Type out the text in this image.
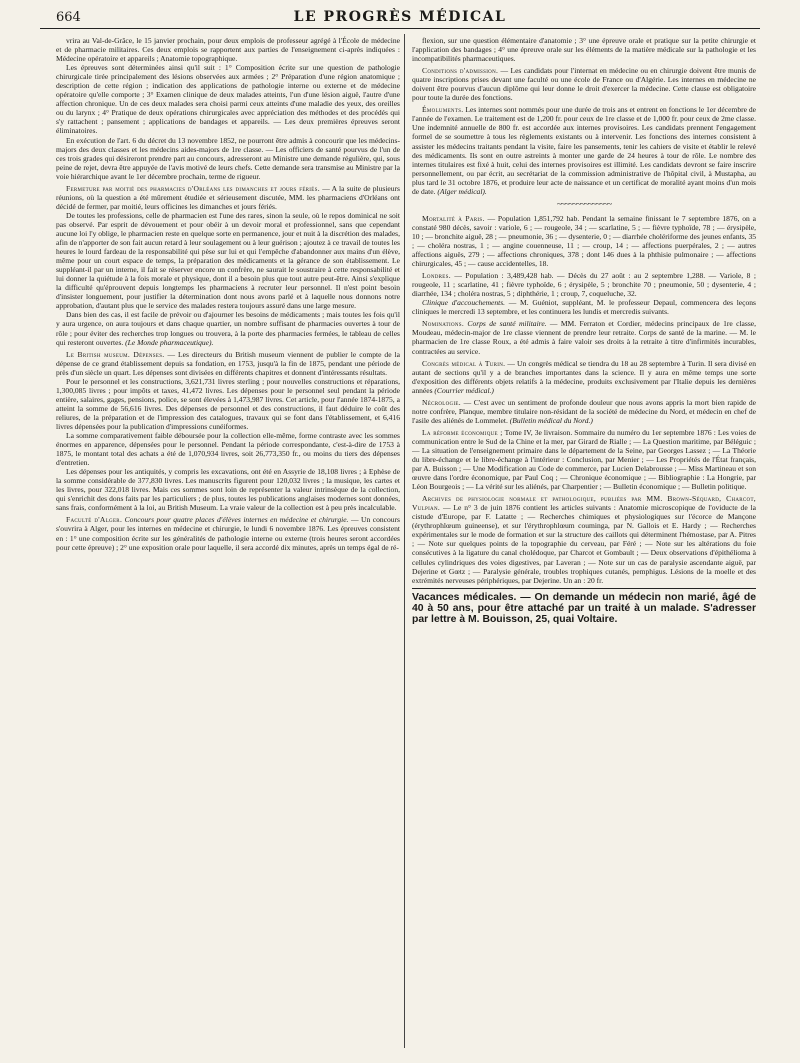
664	LE PROGRÈS MÉDICAL

vrira au Val-de-Grâce, le 15 janvier prochain, pour deux emplois de professeur agrégé à l'École de médecine et de pharmacie militaires. Ces deux emplois se rapportent aux parties de l'enseignement ci-après indiquées : Médecine opératoire et appareils ; Anatomie topographique.

Les épreuves sont déterminées ainsi qu'il suit : 1° Composition écrite sur une question de pathologie chirurgicale tirée principalement des lésions observées aux armées ; 2° Préparation d'une région anatomique ; description de cette région ; indication des applications de pathologie interne ou externe et de médecine opératoire qu'elle comporte ; 3° Examen clinique de deux malades atteints, l'un d'une lésion aiguë, l'autre d'une affection chronique. Un de ces deux malades sera choisi parmi ceux atteints d'une maladie des yeux, des oreilles ou du larynx ; 4° Pratique de deux opérations chirurgicales avec appréciation des méthodes et des procédés qui s'y rattachent ; pansement ; applications de bandages et appareils. — Les deux premières épreuves seront éliminatoires.

En exécution de l'art. 6 du décret du 13 novembre 1852, ne pourront être admis à concourir que les médecins-majors des deux classes et les médecins aides-majors de 1re classe. — Les officiers de santé pourvus de l'un de ces trois grades qui désireront prendre part au concours, adresseront au Ministre une demande régulière, qui, sous peine de rejet, devra être appuyée de l'avis motivé de leurs chefs. Cette demande sera transmise au Ministre par la voie hiérarchique avant le 1er décembre prochain, terme de rigueur.

Fermeture par moitié des pharmacies d'Orléans les dimanches et jours fériés. — A la suite de plusieurs réunions, où la question a été mûrement étudiée et sérieusement discutée, MM. les pharmaciens d'Orléans ont décidé de fermer, par moitié, leurs officines les dimanches et jours fériés.

De toutes les professions, celle de pharmacien est l'une des rares, sinon la seule, où le repos dominical ne soit pas observé. Par esprit de dévouement et pour obéir à un devoir moral et professionnel, sans que cependant aucune loi l'y oblige, le pharmacien reste en quelque sorte en permanence, jour et nuit à la discrétion des malades, afin de n'apporter de son fait aucun retard à leur soulagement ou à leur guérison ; ajoutez à ce travail de toutes les heures le lourd fardeau de la responsabilité qui pèse sur lui et qui l'empêche d'abandonner aux mains d'un élève, même pour un court espace de temps, la préparation des médicaments et la gérance de son établissement. Le suppléant-il par un interne, il fait se réserver encore un confrère, ne saurait le soustraire à cette responsabilité et lui donner la quiétude à la fois morale et physique, dont il a besoin plus que tout autre peut-être. Ainsi s'explique la difficulté qu'éprouvent depuis longtemps les pharmaciens à recruter leur personnel. Il n'est point besoin d'insister longuement, pour justifier la détermination dont nous avons parlé et à laquelle nous donnons notre approbation, d'autant plus que le service des malades restera toujours assuré dans une large mesure.

Dans bien des cas, il est facile de prévoir ou d'ajourner les besoins de médicaments ; mais toutes les fois qu'il y aura urgence, on aura toujours et dans chaque quartier, un nombre suffisant de pharmacies ouvertes à tour de rôle ; pour éviter des recherches trop longues ou trouvera, à la porte des pharmacies fermées, le tableau de celles qui resteront ouvertes. (Le Monde pharmaceutique).

Le British museum. Dépenses. — Les directeurs du British museum viennent de publier le compte de la dépense de ce grand établissement depuis sa fondation, en 1753, jusqu'à la fin de 1875, pendant une période de près d'un siècle un quart. Les dépenses sont divisées en différents chapitres et donnent d'intéressants résultats.

Pour le personnel et les constructions, 3,621,731 livres sterling ; pour nouvelles constructions et réparations, 1,300,085 livres ; pour impôts et taxes, 41,472 livres. Les dépenses pour le personnel seul pendant la période entière, salaires, gages, pensions, police, se sont élevées à 1,473,987 livres. Cet article, pour l'année 1874-1875, a atteint la somme de 56,616 livres. Des dépenses de personnel et des constructions, il faut déduire le coût des reliures, de la préparation et de l'impression des catalogues, travaux qui se font dans l'établissement, et 6,416 livres dépensées pour la publication d'impressions cunéiformes.

La somme comparativement faible déboursée pour la collection elle-même, forme contraste avec les sommes énormes en apparence, dépensées pour le personnel. Pendant la période correspondante, c'est-à-dire de 1753 à 1875, le montant total des achats a été de 1,070,934 livres, soit 26,773,350 fr., ou moins du tiers des dépenses d'entretien.

Les dépenses pour les antiquités, y compris les excavations, ont été en Assyrie de 18,108 livres ; à Ephèse de la somme considérable de 377,830 livres. Les manuscrits figurent pour 120,032 livres ; la musique, les cartes et les livres, pour 322,018 livres. Mais ces sommes sont loin de représenter la valeur intrinsèque de la collection, qui s'enrichit des dons faits par les particuliers ; de plus, toutes les publications anglaises modernes sont données, sans frais, conformément à la loi, au British Museum. La vraie valeur de la collection est à peu près incalculable.

Faculté d'Alger. Concours pour quatre places d'élèves internes en médecine et chirurgie. — Un concours s'ouvrira à Alger, pour les internes en médecine et chirurgie, le lundi 6 novembre 1876. Les épreuves consistent en : 1° une composition écrite sur les généralités de pathologie interne ou externe (trois heures seront accordées pour cette épreuve) ; 2° une exposition orale pour laquelle, il sera accordé dix minutes, après un temps égal de ré-

flexion, sur une question élémentaire d'anatomie ; 3° une épreuve orale et pratique sur la petite chirurgie et l'application des bandages ; 4° une épreuve orale sur les éléments de la matière médicale sur la pathologie et les incompatibilités pharmaceutiques.

Conditions d'admission. — Les candidats pour l'internat en médecine ou en chirurgie doivent être munis de quatre inscriptions prises devant une faculté ou une école de France ou d'Algérie. Les internes en médecine ne doivent être pourvus d'aucun diplôme qui leur donne le droit d'exercer la médecine. Cette clause est obligatoire pour toute la durée des fonctions.

Émoluments. Les internes sont nommés pour une durée de trois ans et entrent en fonctions le 1er décembre de l'année de l'examen. Le traitement est de 1,200 fr. pour ceux de 1re classe et de 1,000 fr. pour ceux de 2me classe. Une indemnité annuelle de 800 fr. est accordée aux internes provisoires. Les candidats prennent l'engagement formel de se soumettre à tous les règlements existants ou à intervenir. Les fonctions des internes consistent à assister les médecins traitants pendant la visite, faire les pansements, tenir les cahiers de visite et établir le relevé des médicaments. Ils sont en outre astreints à monter une garde de 24 heures à tour de rôle. Le nombre des internes titulaires est fixé à huit, celui des internes provisoires est illimité. Les candidats devront se faire inscrire personnellement, ou par écrit, au secrétariat de la commission administrative de l'hôpital civil, à Mustapha, au plus tard le 31 octobre 1876, et produire leur acte de naissance et un certificat de moralité ayant moins d'un mois de date. (Alger médical).

~~~~~~~~~~~~~~

Mortalité à Paris. — Population 1,851,792 hab. Pendant la semaine finissant le 7 septembre 1876, on a constaté 980 décès, savoir : variole, 6 ; — rougeole, 34 ; — scarlatine, 5 ; — fièvre typhoïde, 78 ; — érysipèle, 10 ; — bronchite aiguë, 28 ; — pneumonie, 36 ; — dysenterie, 0 ; — diarrhée cholériforme des jeunes enfants, 35 ; — choléra nostras, 1 ; — angine couenneuse, 11 ; — croup, 14 ; — affections puerpérales, 2 ; — autres affections aiguës, 279 ; — affections chroniques, 378 ; dont 146 dues à la phthisie pulmonaire ; — affections chirurgicales, 45 ; — cause accidentelles, 18.

Londres. — Population : 3,489,428 hab. — Décès du 27 août : au 2 septembre 1,288. — Variole, 8 ; rougeole, 11 ; scarlatine, 41 ; fièvre typhoïde, 6 ; érysipèle, 5 ; bronchite 70 ; pneumonie, 50 ; dysenterie, 4 ; diarrhée, 134 ; choléra nostras, 5 ; diphthérie, 1 ; croup, 7, coqueluche, 32.

Clinique d'accouchements. — M. Guéniot, suppléant, M. le professeur Depaul, commencera des leçons cliniques le mercredi 13 septembre, et les continuera les lundis et mercredis suivants.

Nominations. Corps de santé militaire. — MM. Ferraton et Cordier, médecins principaux de 1re classe, Moudeau, médecin-major de 1re classe viennent de prendre leur retraite. Corps de santé de la marine. — M. le pharmacien de 1re classe Roux, a été admis à faire valoir ses droits à la retraite à titre d'infirmités incurables, contractées au service.

Congrès médical à Turin. — Un congrès médical se tiendra du 18 au 28 septembre à Turin. Il sera divisé en autant de sections qu'il y a de branches importantes dans la science. Il y aura en même temps une sorte d'exposition des différents objets relatifs à la médecine, produits exclusivement par l'Italie depuis les dernières années (Courrier médical.)

Nécrologie. — C'est avec un sentiment de profonde douleur que nous avons appris la mort bien rapide de notre confrère, Planque, membre titulaire non-résidant de la société de médecine du Nord, et médecin en chef de l'asile des aliénés de Lommelet. (Bulletin médical du Nord.)

La réforme économique ; Tome IV, 3e livraison. Sommaire du numéro du 1er septembre 1876 : Les voies de communication entre le Sud de la Chine et la mer, par Girard de Rialle ; — La Question maritime, par Béléguic ; — La situation de l'enseignement primaire dans le département de la Seine, par Georges Lassez ; — La Théorie du libre-échange et le libre-échange à l'intérieur : Conclusion, par Menier ; — Les Propriétés de l'État français, par A. Buisson ; — Une Modification au Code de commerce, par Lucien Delabrousse ; — Miss Martineau et son œuvre dans l'ordre économique, par Paul Coq ; — Chronique économique ; — Bibliographie : La Hongrie, par Léon Bourgeois ; — La vérité sur les aliénés, par Charpentier ; — Bulletin économique ; — Bulletin politique.

Archives de physiologie normale et pathologique, publiées par MM. Brown-Séquard, Charcot, Vulpian. — Le n° 3 de juin 1876 contient les articles suivants : Anatomie microscopique de l'oviducte de la cistude d'Europe, par F. Latatte ; — Recherches chimiques et physiologiques sur l'écorce de Mançone (érythrophlœum guineense), et sur l'érythrophlœum couminga, par N. Gallois et E. Hardy ; — Recherches expérimentales sur le mode de formation et sur la structure des caillots qui déterminent l'hémostase, par A. Pitres ; — Note sur quelques points de la topographie du cerveau, par Féré ; — Note sur les altérations du foie consécutives à la ligature du canal cholédoque, par Charcot et Gombault ; — Deux observations d'épithélioma à cellules cylindriques des voies digestives, par Laveran ; — Note sur un cas de paralysie ascendante aiguë, par Dejerine et Gœtz ; — Paralysie générale, troubles trophiques cutanés, pemphigus. Lésions de la moelle et des extrémités nerveuses périphériques, par Dejerine. Un an : 20 fr.

Vacances médicales. — On demande un médecin non marié, âgé de 40 à 50 ans, pour être attaché par un traité à un malade. S'adresser par lettre à M. Bouisson, 25, quai Voltaire.
